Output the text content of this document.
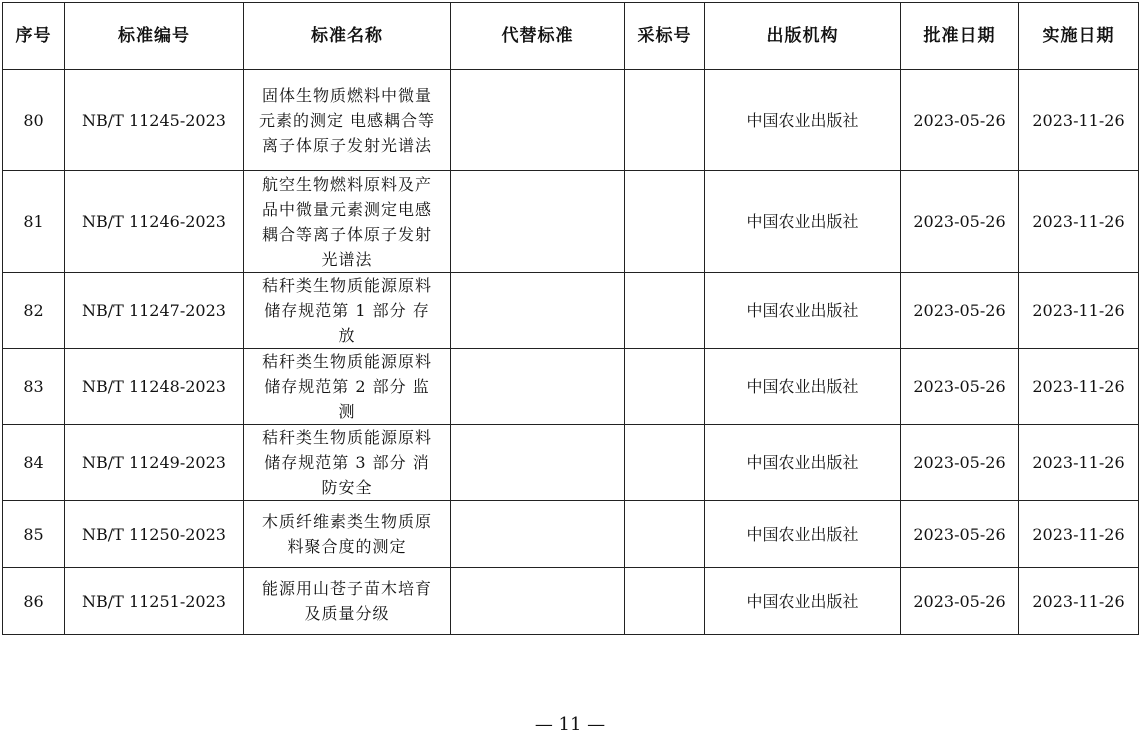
序号	标准编号	标准名称	代替标准	采标号	出版机构	批准日期	实施日期
80	NB/T 11245-2023	固体生物质燃料中微量元素的测定 电感耦合等离子体原子发射光谱法			中国农业出版社	2023-05-26	2023-11-26
81	NB/T 11246-2023	航空生物燃料原料及产品中微量元素测定电感耦合等离子体原子发射光谱法			中国农业出版社	2023-05-26	2023-11-26
82	NB/T 11247-2023	秸秆类生物质能源原料储存规范第 1 部分 存放			中国农业出版社	2023-05-26	2023-11-26
83	NB/T 11248-2023	秸秆类生物质能源原料储存规范第 2 部分 监测			中国农业出版社	2023-05-26	2023-11-26
84	NB/T 11249-2023	秸秆类生物质能源原料储存规范第 3 部分 消防安全			中国农业出版社	2023-05-26	2023-11-26
85	NB/T 11250-2023	木质纤维素类生物质原料聚合度的测定			中国农业出版社	2023-05-26	2023-11-26
86	NB/T 11251-2023	能源用山苍子苗木培育及质量分级			中国农业出版社	2023-05-26	2023-11-26
— 11 —
